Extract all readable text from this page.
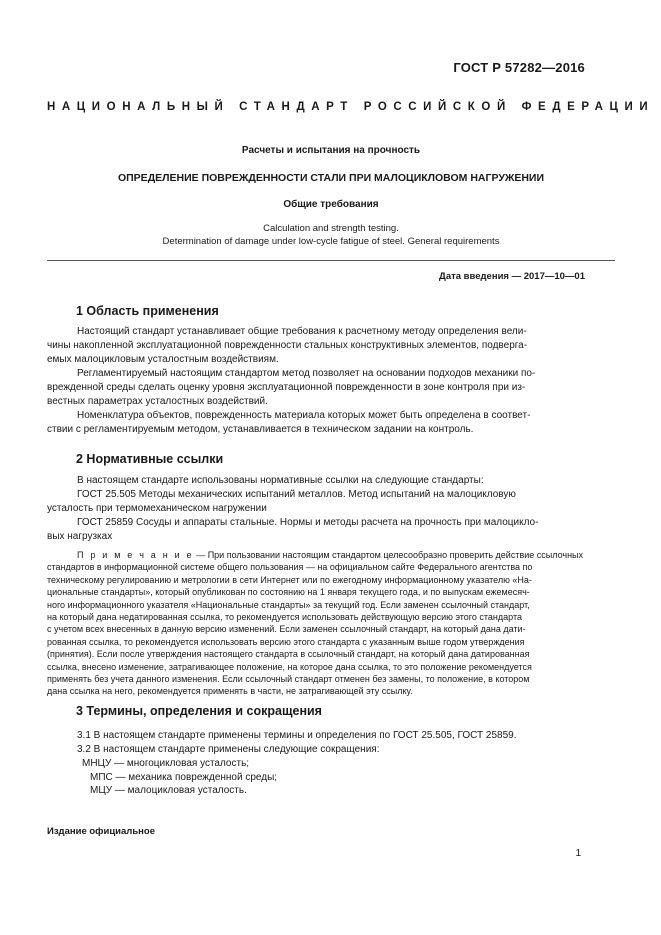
ГОСТ Р 57282—2016
НАЦИОНАЛЬНЫЙ СТАНДАРТ РОССИЙСКОЙ ФЕДЕРАЦИИ
Расчеты и испытания на прочность
ОПРЕДЕЛЕНИЕ ПОВРЕЖДЕННОСТИ СТАЛИ ПРИ МАЛОЦИКЛОВОМ НАГРУЖЕНИИ
Общие требования
Calculation and strength testing.
Determination of damage under low-cycle fatigue of steel. General requirements
Дата введения — 2017—10—01
1 Область применения
Настоящий стандарт устанавливает общие требования к расчетному методу определения вели-
чины накопленной эксплуатационной поврежденности стальных конструктивных элементов, подверга-
емых малоцикловым усталостным воздействиям.
Регламентируемый настоящим стандартом метод позволяет на основании подходов механики по-
врежденной среды сделать оценку уровня эксплуатационной поврежденности в зоне контроля при из-
вестных параметрах усталостных воздействий.
Номенклатура объектов, поврежденность материала которых может быть определена в соответ-
ствии с регламентируемым методом, устанавливается в техническом задании на контроль.
2 Нормативные ссылки
В настоящем стандарте использованы нормативные ссылки на следующие стандарты:
ГОСТ 25.505 Методы механических испытаний металлов. Метод испытаний на малоцикловую
усталость при термомеханическом нагружении
ГОСТ 25859 Сосуды и аппараты стальные. Нормы и методы расчета на прочность при малоцикло-
вых нагрузках
П р и м е ч а н и е — При пользовании настоящим стандартом целесообразно проверить действие ссылочных
стандартов в информационной системе общего пользования — на официальном сайте Федерального агентства по
техническому регулированию и метрологии в сети Интернет или по ежегодному информационному указателю «На-
циональные стандарты», который опубликован по состоянию на 1 января текущего года, и по выпускам ежемесяч-
ного информационного указателя «Национальные стандарты» за текущий год. Если заменен ссылочный стандарт,
на который дана недатированная ссылка, то рекомендуется использовать действующую версию этого стандарта
с учетом всех внесенных в данную версию изменений. Если заменен ссылочный стандарт, на который дана дати-
рованная ссылка, то рекомендуется использовать версию этого стандарта с указанным выше годом утверждения
(принятия). Если после утверждения настоящего стандарта в ссылочный стандарт, на который дана датированная
ссылка, внесено изменение, затрагивающее положение, на которое дана ссылка, то это положение рекомендуется
применять без учета данного изменения. Если ссылочный стандарт отменен без замены, то положение, в котором
дана ссылка на него, рекомендуется применять в части, не затрагивающей эту ссылку.
3 Термины, определения и сокращения
3.1 В настоящем стандарте применены термины и определения по ГОСТ 25.505, ГОСТ 25859.
3.2 В настоящем стандарте применены следующие сокращения:
МНЦУ — многоцикловая усталость;
МПС — механика поврежденной среды;
МЦУ — малоцикловая усталость.
Издание официальное
1
